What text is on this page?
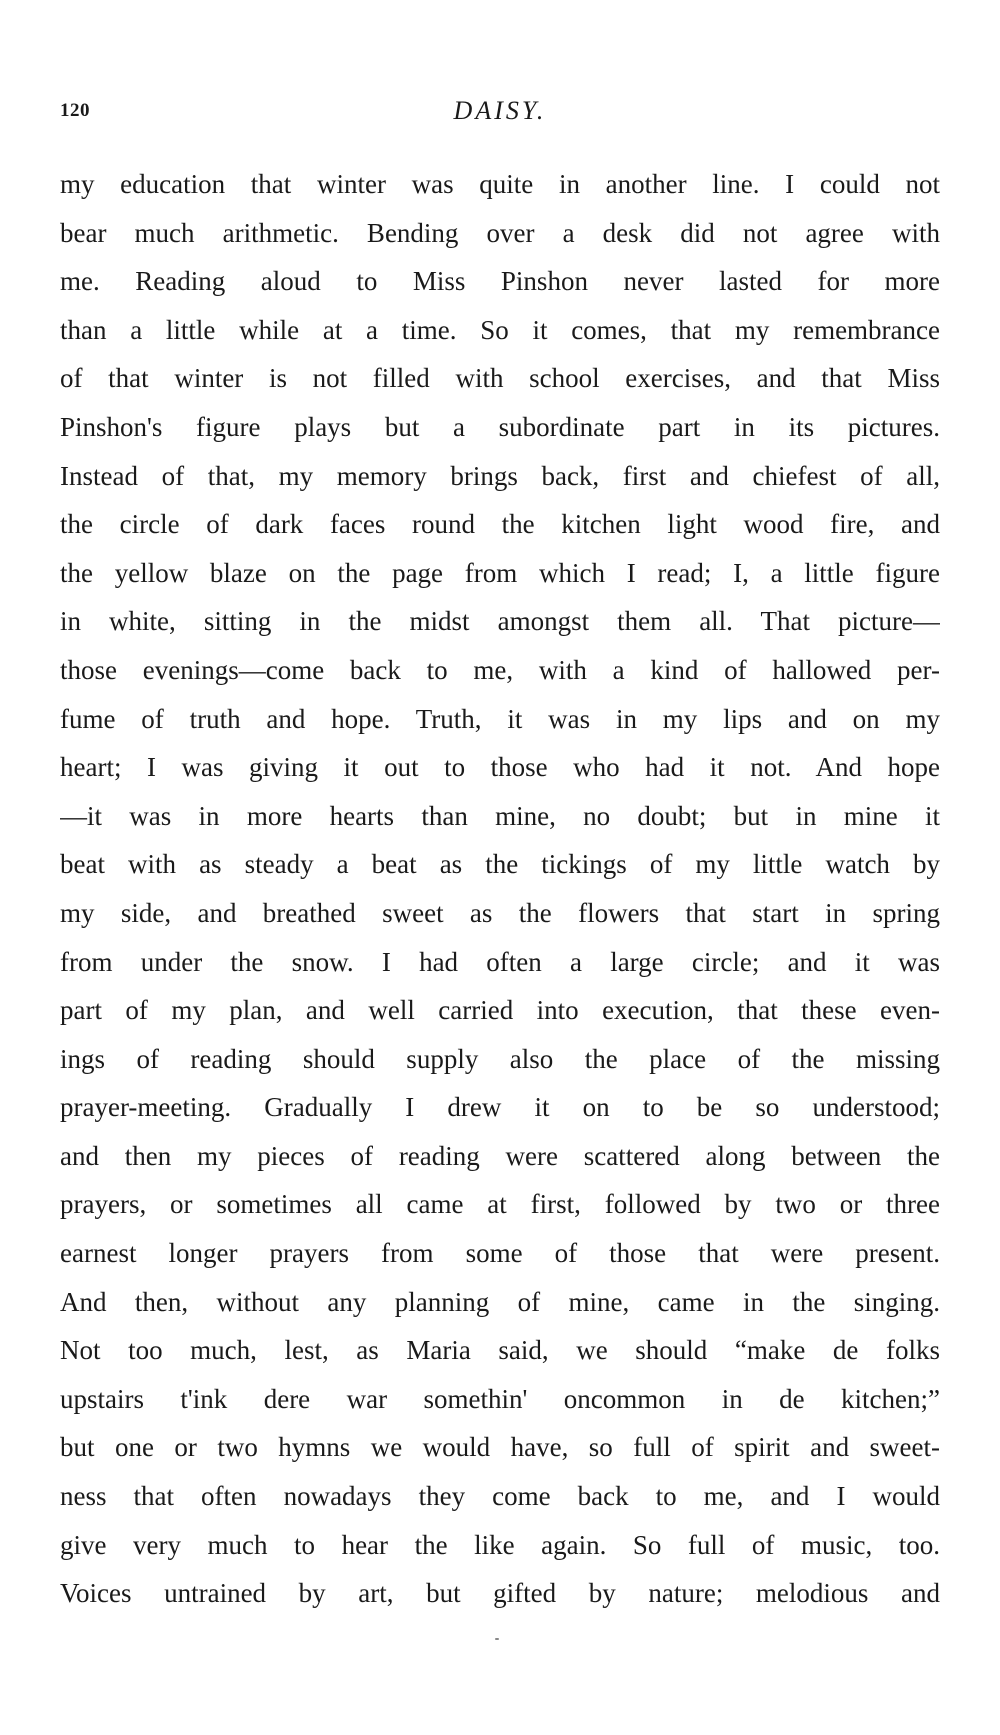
120	DAISY.
my education that winter was quite in another line. I could not
bear much arithmetic. Bending over a desk did not agree with
me. Reading aloud to Miss Pinshon never lasted for more
than a little while at a time. So it comes, that my remembrance
of that winter is not filled with school exercises, and that Miss
Pinshon's figure plays but a subordinate part in its pictures.
Instead of that, my memory brings back, first and chiefest of all,
the circle of dark faces round the kitchen light wood fire, and
the yellow blaze on the page from which I read; I, a little figure
in white, sitting in the midst amongst them all. That picture—
those evenings—come back to me, with a kind of hallowed per-
fume of truth and hope. Truth, it was in my lips and on my
heart; I was giving it out to those who had it not. And hope
—it was in more hearts than mine, no doubt; but in mine it
beat with as steady a beat as the tickings of my little watch by
my side, and breathed sweet as the flowers that start in spring
from under the snow. I had often a large circle; and it was
part of my plan, and well carried into execution, that these even-
ings of reading should supply also the place of the missing
prayer-meeting. Gradually I drew it on to be so understood;
and then my pieces of reading were scattered along between the
prayers, or sometimes all came at first, followed by two or three
earnest longer prayers from some of those that were present.
And then, without any planning of mine, came in the singing.
Not too much, lest, as Maria said, we should “make de folks
upstairs t'ink dere war somethin' oncommon in de kitchen;”
but one or two hymns we would have, so full of spirit and sweet-
ness that often nowadays they come back to me, and I would
give very much to hear the like again. So full of music, too.
Voices untrained by art, but gifted by nature; melodious and
